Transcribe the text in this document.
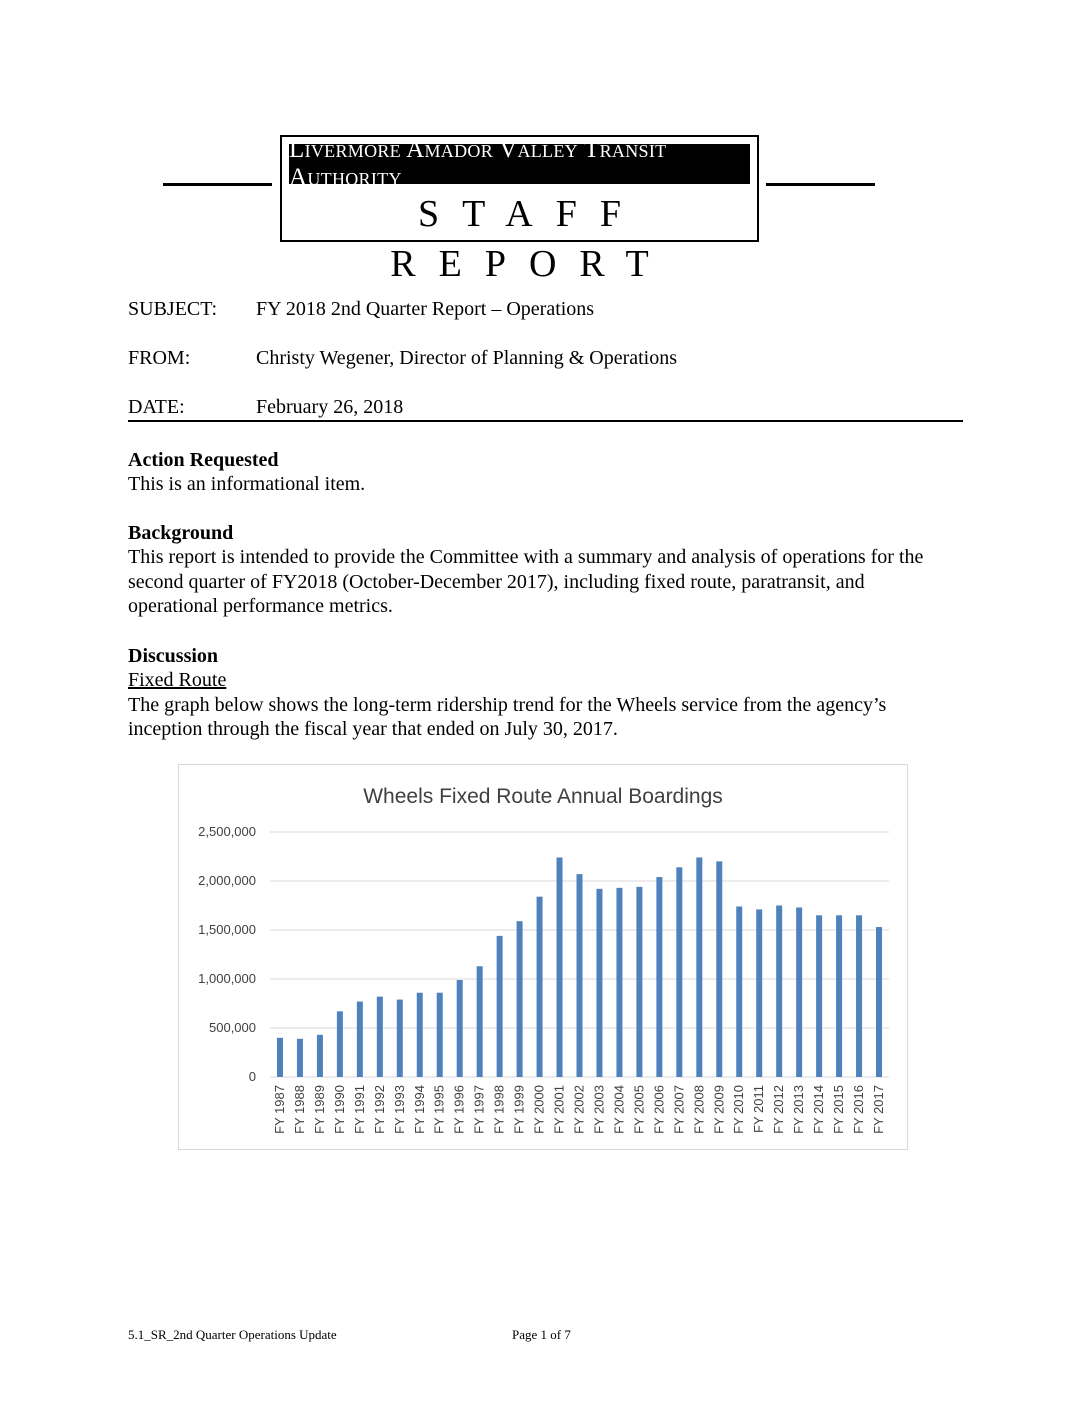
Livermore Amador Valley Transit Authority
STAFF REPORT
SUBJECT: FY 2018 2nd Quarter Report – Operations
FROM:	Christy Wegener, Director of Planning & Operations
DATE:	February 26, 2018
Action Requested
This is an informational item.
Background
This report is intended to provide the Committee with a summary and analysis of operations for the second quarter of FY2018 (October-December 2017), including fixed route, paratransit, and operational performance metrics.
Discussion
Fixed Route
The graph below shows the long-term ridership trend for the Wheels service from the agency’s inception through the fiscal year that ended on July 30, 2017.
0
500,000
1,000,000
1,500,000
2,000,000
2,500,000
FY 1987 FY 1988 FY 1989 FY 1990 FY 1991 FY 1992 FY 1993 FY 1994 FY 1995 FY 1996 FY 1997 FY 1998 FY 1999 FY 2000 FY 2001 FY 2002 FY 2003 FY 2004 FY 2005 FY 2006 FY 2007 FY 2008 FY 2009 FY 2010 FY 2011 FY 2012 FY 2013 FY 2014 FY 2015 FY 2016 FY 2017
Wheels Fixed Route Annual Boardings
5.1_SR_2nd Quarter Operations Update	Page 1 of 7
